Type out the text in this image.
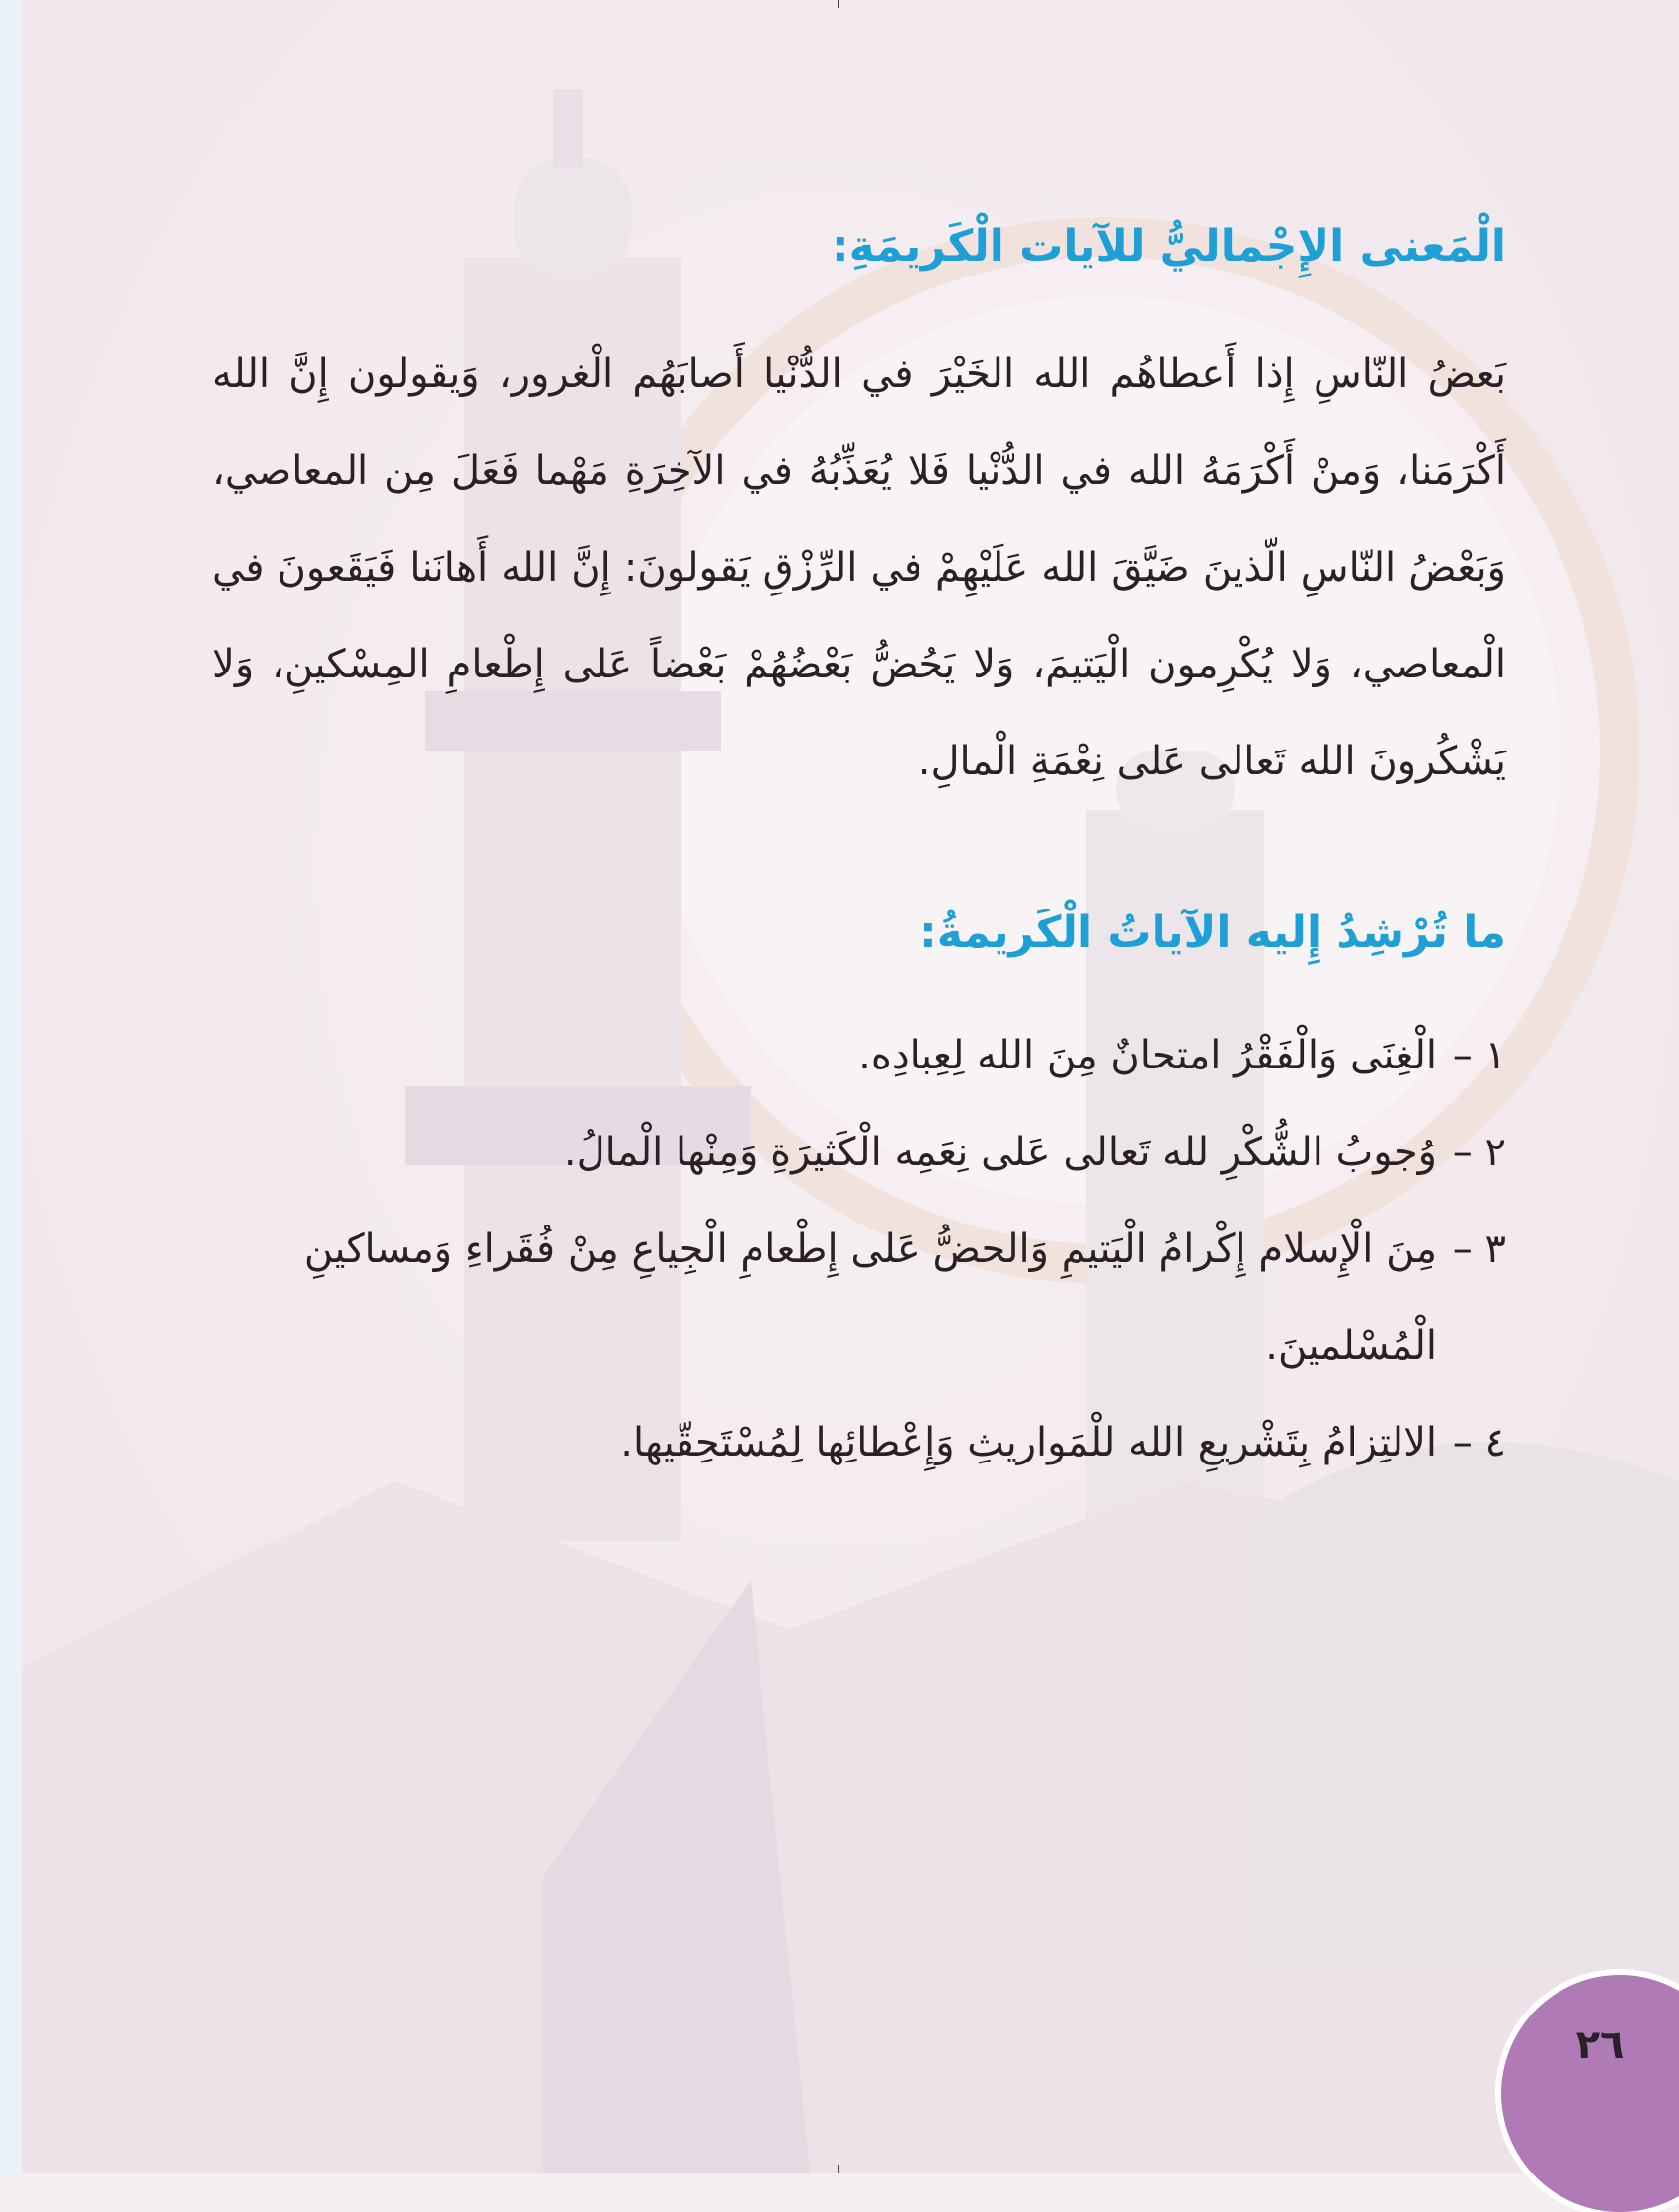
الْمَعنى الإِجْماليُّ للآيات الْكَريمَةِ:

بَعضُ النّاسِ إِذا أَعطاهُم الله الخَيْرَ في الدُّنْيا أَصابَهُم الْغرور، وَيقولون إِنَّ الله أَكْرَمَنا، وَمنْ أَكْرَمَهُ الله في الدُّنْيا فَلا يُعَذِّبُهُ في الآخِرَةِ مَهْما فَعَلَ مِن المعاصي، وَبَعْضُ النّاسِ الّذينَ ضَيَّقَ الله عَلَيْهِمْ في الرِّزْقِ يَقولونَ: إِنَّ الله أَهانَنا فَيَقَعونَ في الْمعاصي، وَلا يُكْرِمون الْيَتيمَ، وَلا يَحُضُّ بَعْضُهُمْ بَعْضاً عَلى إِطْعامِ المِسْكينِ، وَلا يَشْكُرونَ الله تَعالى عَلى نِعْمَةِ الْمالِ.

ما تُرْشِدُ إِليه الآياتُ الْكَريمةُ:
١ –
الْغِنَى وَالْفَقْرُ امتحانٌ مِنَ الله لِعِبادِه.
٢ –
وُجوبُ الشُّكْرِ لله تَعالى عَلى نِعَمِه الْكَثيرَةِ وَمِنْها الْمالُ.
٣ –
مِنَ الْإِسلام إِكْرامُ الْيَتيمِ وَالحضُّ عَلى إِطْعامِ الْجِياعِ مِنْ فُقَراءِ وَمساكينِ الْمُسْلمينَ.
٤ –
الالتِزامُ بِتَشْريعِ الله للْمَواريثِ وَإِعْطائِها لِمُسْتَحِقّيها.
٢٦
